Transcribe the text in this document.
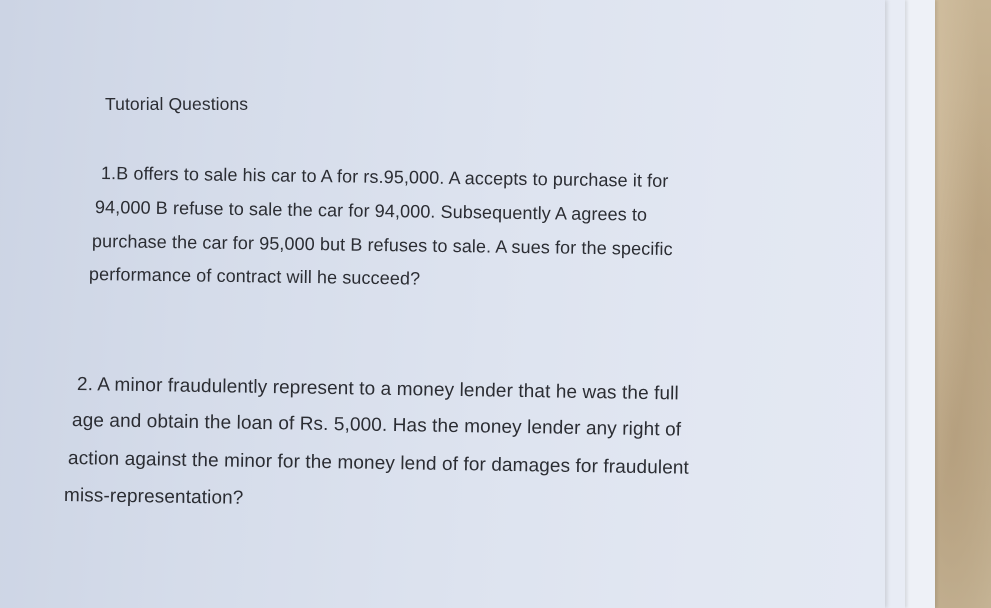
Tutorial Questions
1.B offers to sale his car to A for rs.95,000. A accepts to purchase it for
94,000 B refuse to sale the car for 94,000. Subsequently A agrees to
purchase the car for 95,000 but B refuses to sale. A sues for the specific
performance of contract will he succeed?
2. A minor fraudulently represent to a money lender that he was the full
age and obtain the loan of Rs. 5,000. Has the money lender any right of
action against the minor for the money lend of for damages for fraudulent
miss-representation?
